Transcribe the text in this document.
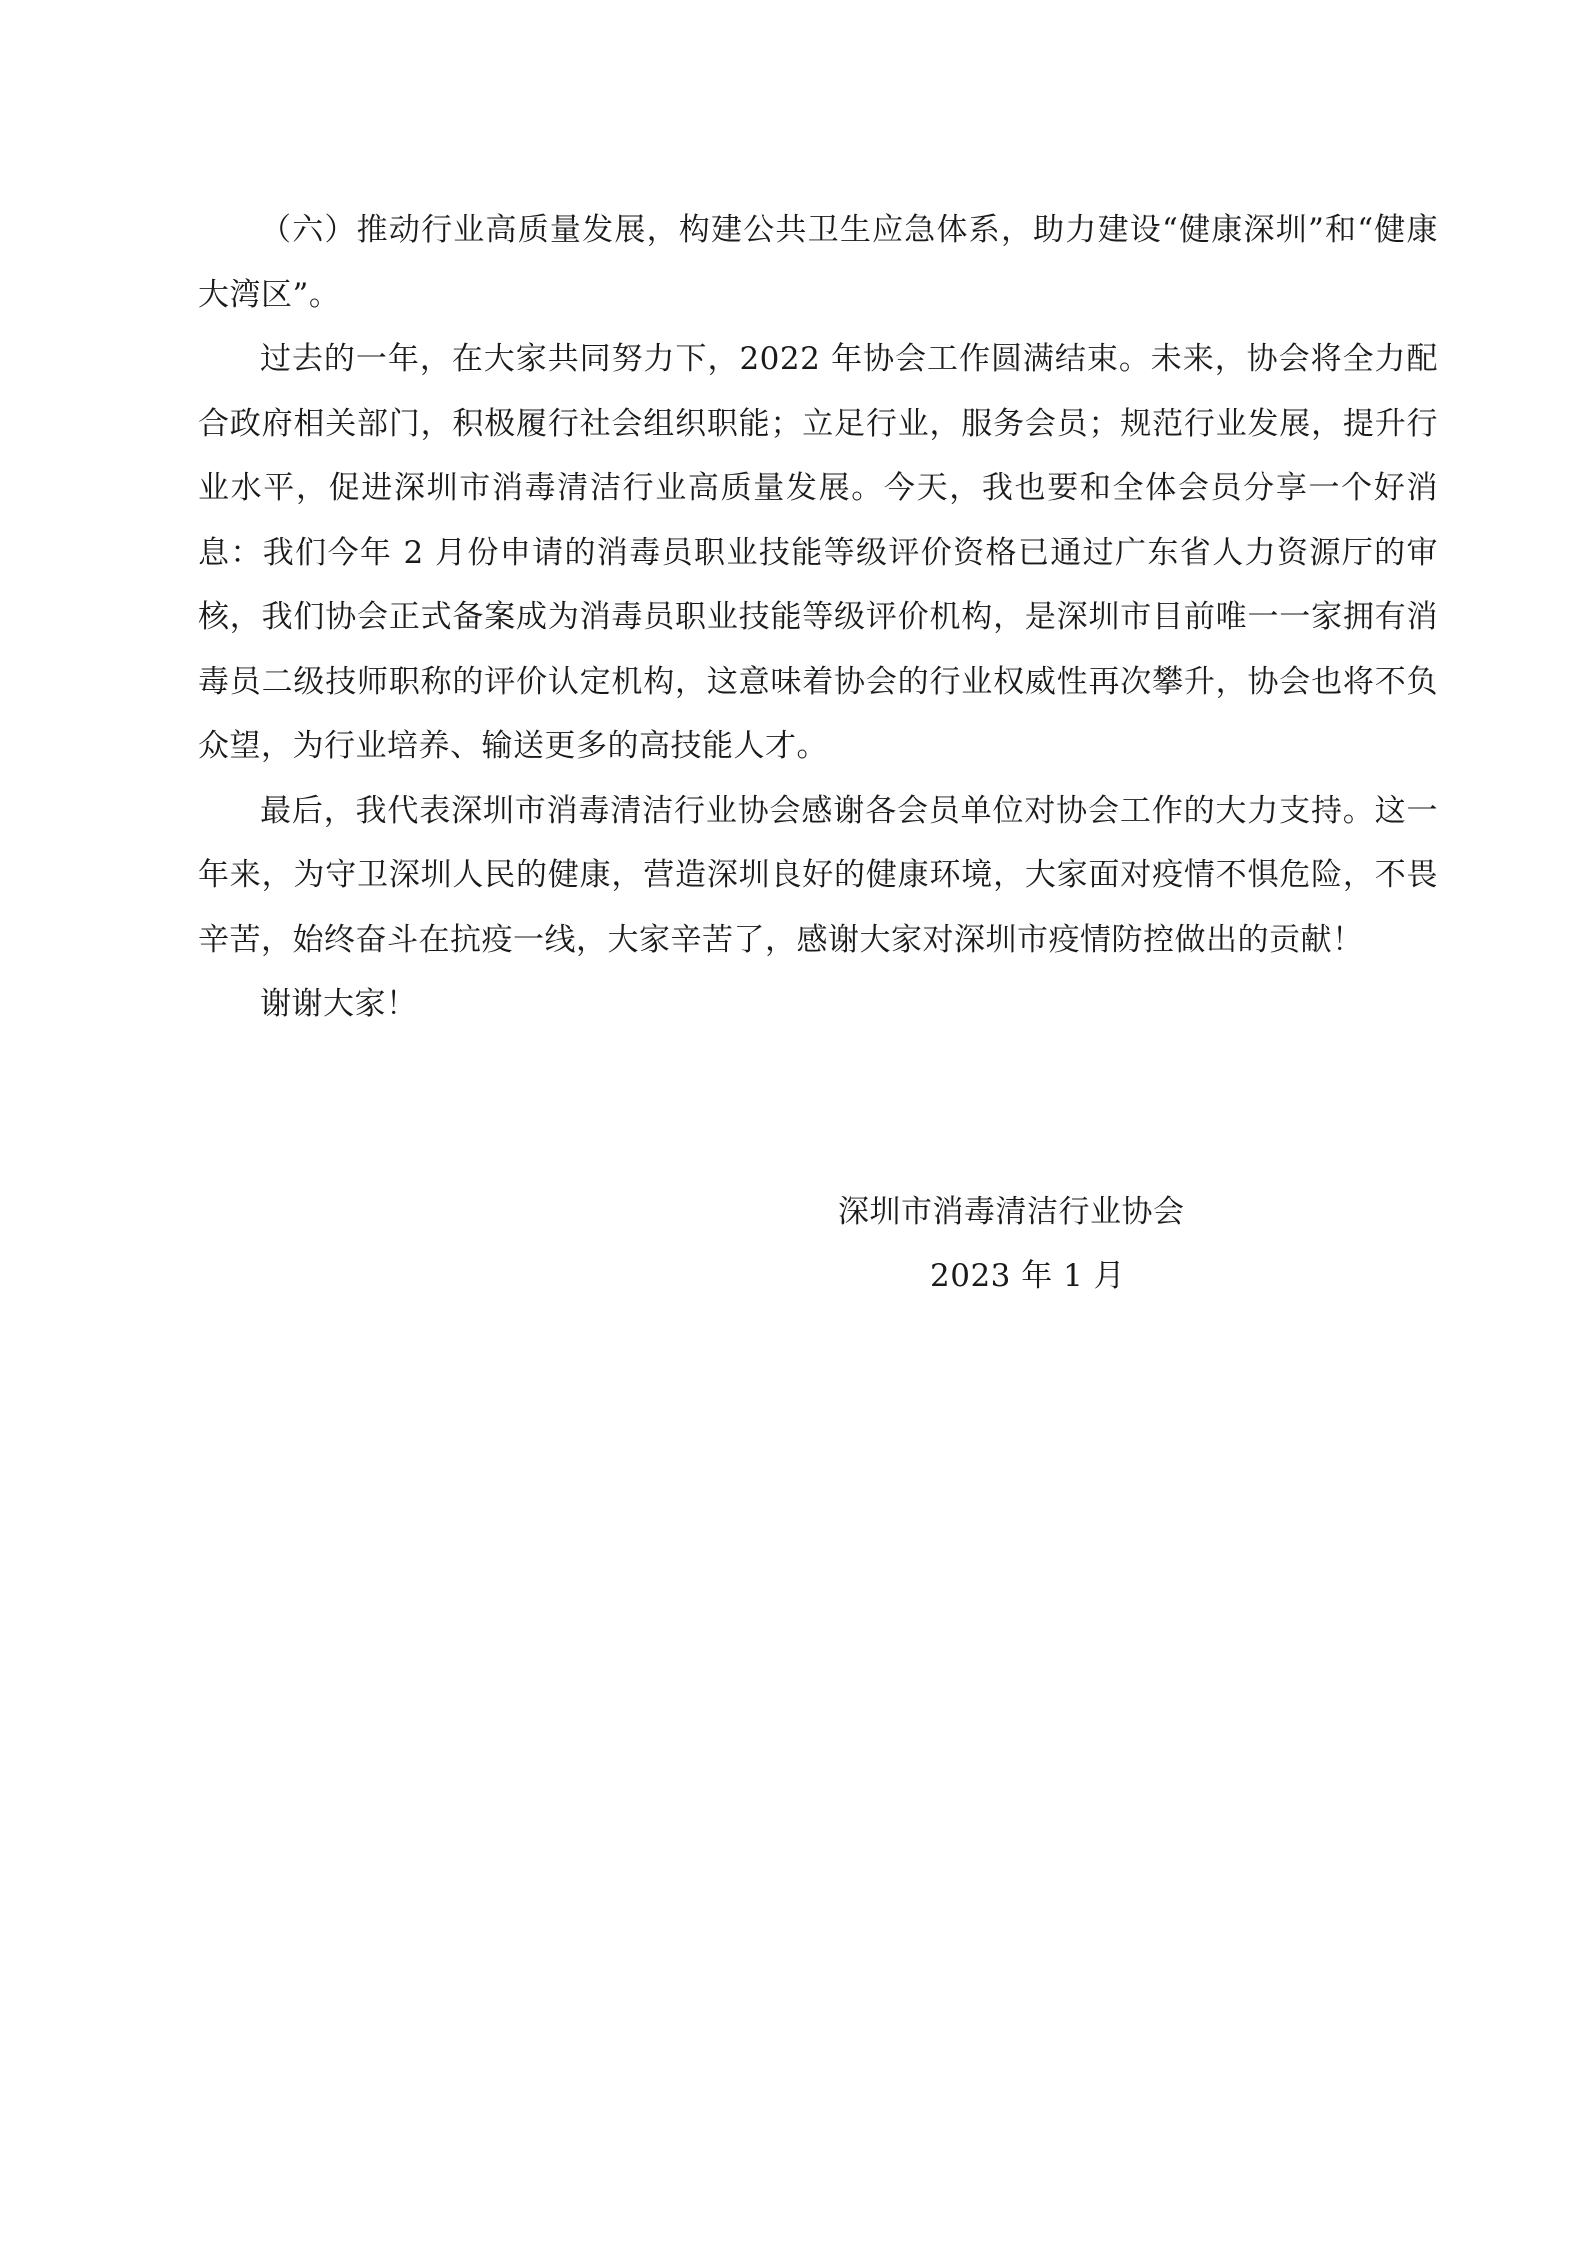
（六）推动行业高质量发展，构建公共卫生应急体系，助力建设“健康深圳”和“健康大湾区”。

过去的一年，在大家共同努力下，2022 年协会工作圆满结束。未来，协会将全力配合政府相关部门，积极履行社会组织职能；立足行业，服务会员；规范行业发展，提升行业水平，促进深圳市消毒清洁行业高质量发展。今天，我也要和全体会员分享一个好消息：我们今年 2 月份申请的消毒员职业技能等级评价资格已通过广东省人力资源厅的审核，我们协会正式备案成为消毒员职业技能等级评价机构，是深圳市目前唯一一家拥有消毒员二级技师职称的评价认定机构，这意味着协会的行业权威性再次攀升，协会也将不负众望，为行业培养、输送更多的高技能人才。

最后，我代表深圳市消毒清洁行业协会感谢各会员单位对协会工作的大力支持。这一年来，为守卫深圳人民的健康，营造深圳良好的健康环境，大家面对疫情不惧危险，不畏辛苦，始终奋斗在抗疫一线，大家辛苦了，感谢大家对深圳市疫情防控做出的贡献！

谢谢大家！

深圳市消毒清洁行业协会
2023 年 1 月
